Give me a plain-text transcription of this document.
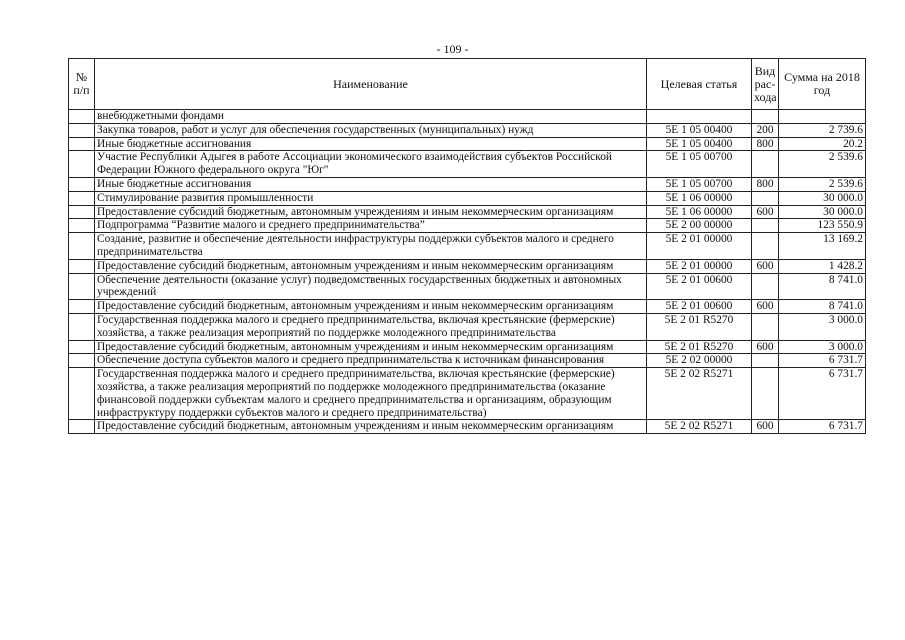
- 109 -
№ п/п	Наименование	Целевая статья	Вид рас-хода	Сумма на 2018 год
	внебюджетными фондами			
	Закупка товаров, работ и услуг для обеспечения государственных (муниципальных) нужд	5Е 1 05 00400	200	2 739.6
	Иные бюджетные ассигнования	5Е 1 05 00400	800	20.2
	Участие Республики Адыгея в работе Ассоциации экономического взаимодействия субъектов Российской Федерации Южного федерального округа "Юг"	5Е 1 05 00700		2 539.6
	Иные бюджетные ассигнования	5Е 1 05 00700	800	2 539.6
	Стимулирование развития промышленности	5Е 1 06 00000		30 000.0
	Предоставление субсидий бюджетным, автономным учреждениям и иным некоммерческим организациям	5Е 1 06 00000	600	30 000.0
	Подпрограмма “Развитие малого и среднего предпринимательства”	5Е 2 00 00000		123 550.9
	Создание, развитие и обеспечение деятельности инфраструктуры поддержки субъектов малого и среднего предпринимательства	5Е 2 01 00000		13 169.2
	Предоставление субсидий бюджетным, автономным учреждениям и иным некоммерческим организациям	5Е 2 01 00000	600	1 428.2
	Обеспечение деятельности (оказание услуг) подведомственных государственных бюджетных и автономных учреждений	5Е 2 01 00600		8 741.0
	Предоставление субсидий бюджетным, автономным учреждениям и иным некоммерческим организациям	5Е 2 01 00600	600	8 741.0
	Государственная поддержка малого и среднего предпринимательства, включая крестьянские (фермерские) хозяйства, а также реализация мероприятий по поддержке молодежного предпринимательства	5Е 2 01 R5270		3 000.0
	Предоставление субсидий бюджетным, автономным учреждениям и иным некоммерческим организациям	5Е 2 01 R5270	600	3 000.0
	Обеспечение доступа субъектов малого и среднего предпринимательства к источникам финансирования	5Е 2 02 00000		6 731.7
	Государственная поддержка малого и среднего предпринимательства, включая крестьянские (фермерские) хозяйства, а также реализация мероприятий по поддержке молодежного предпринимательства (оказание финансовой поддержки субъектам малого и среднего предпринимательства и организациям, образующим инфраструктуру поддержки субъектов малого и среднего предпринимательства)	5Е 2 02 R5271		6 731.7
	Предоставление субсидий бюджетным, автономным учреждениям и иным некоммерческим организациям	5Е 2 02 R5271	600	6 731.7
